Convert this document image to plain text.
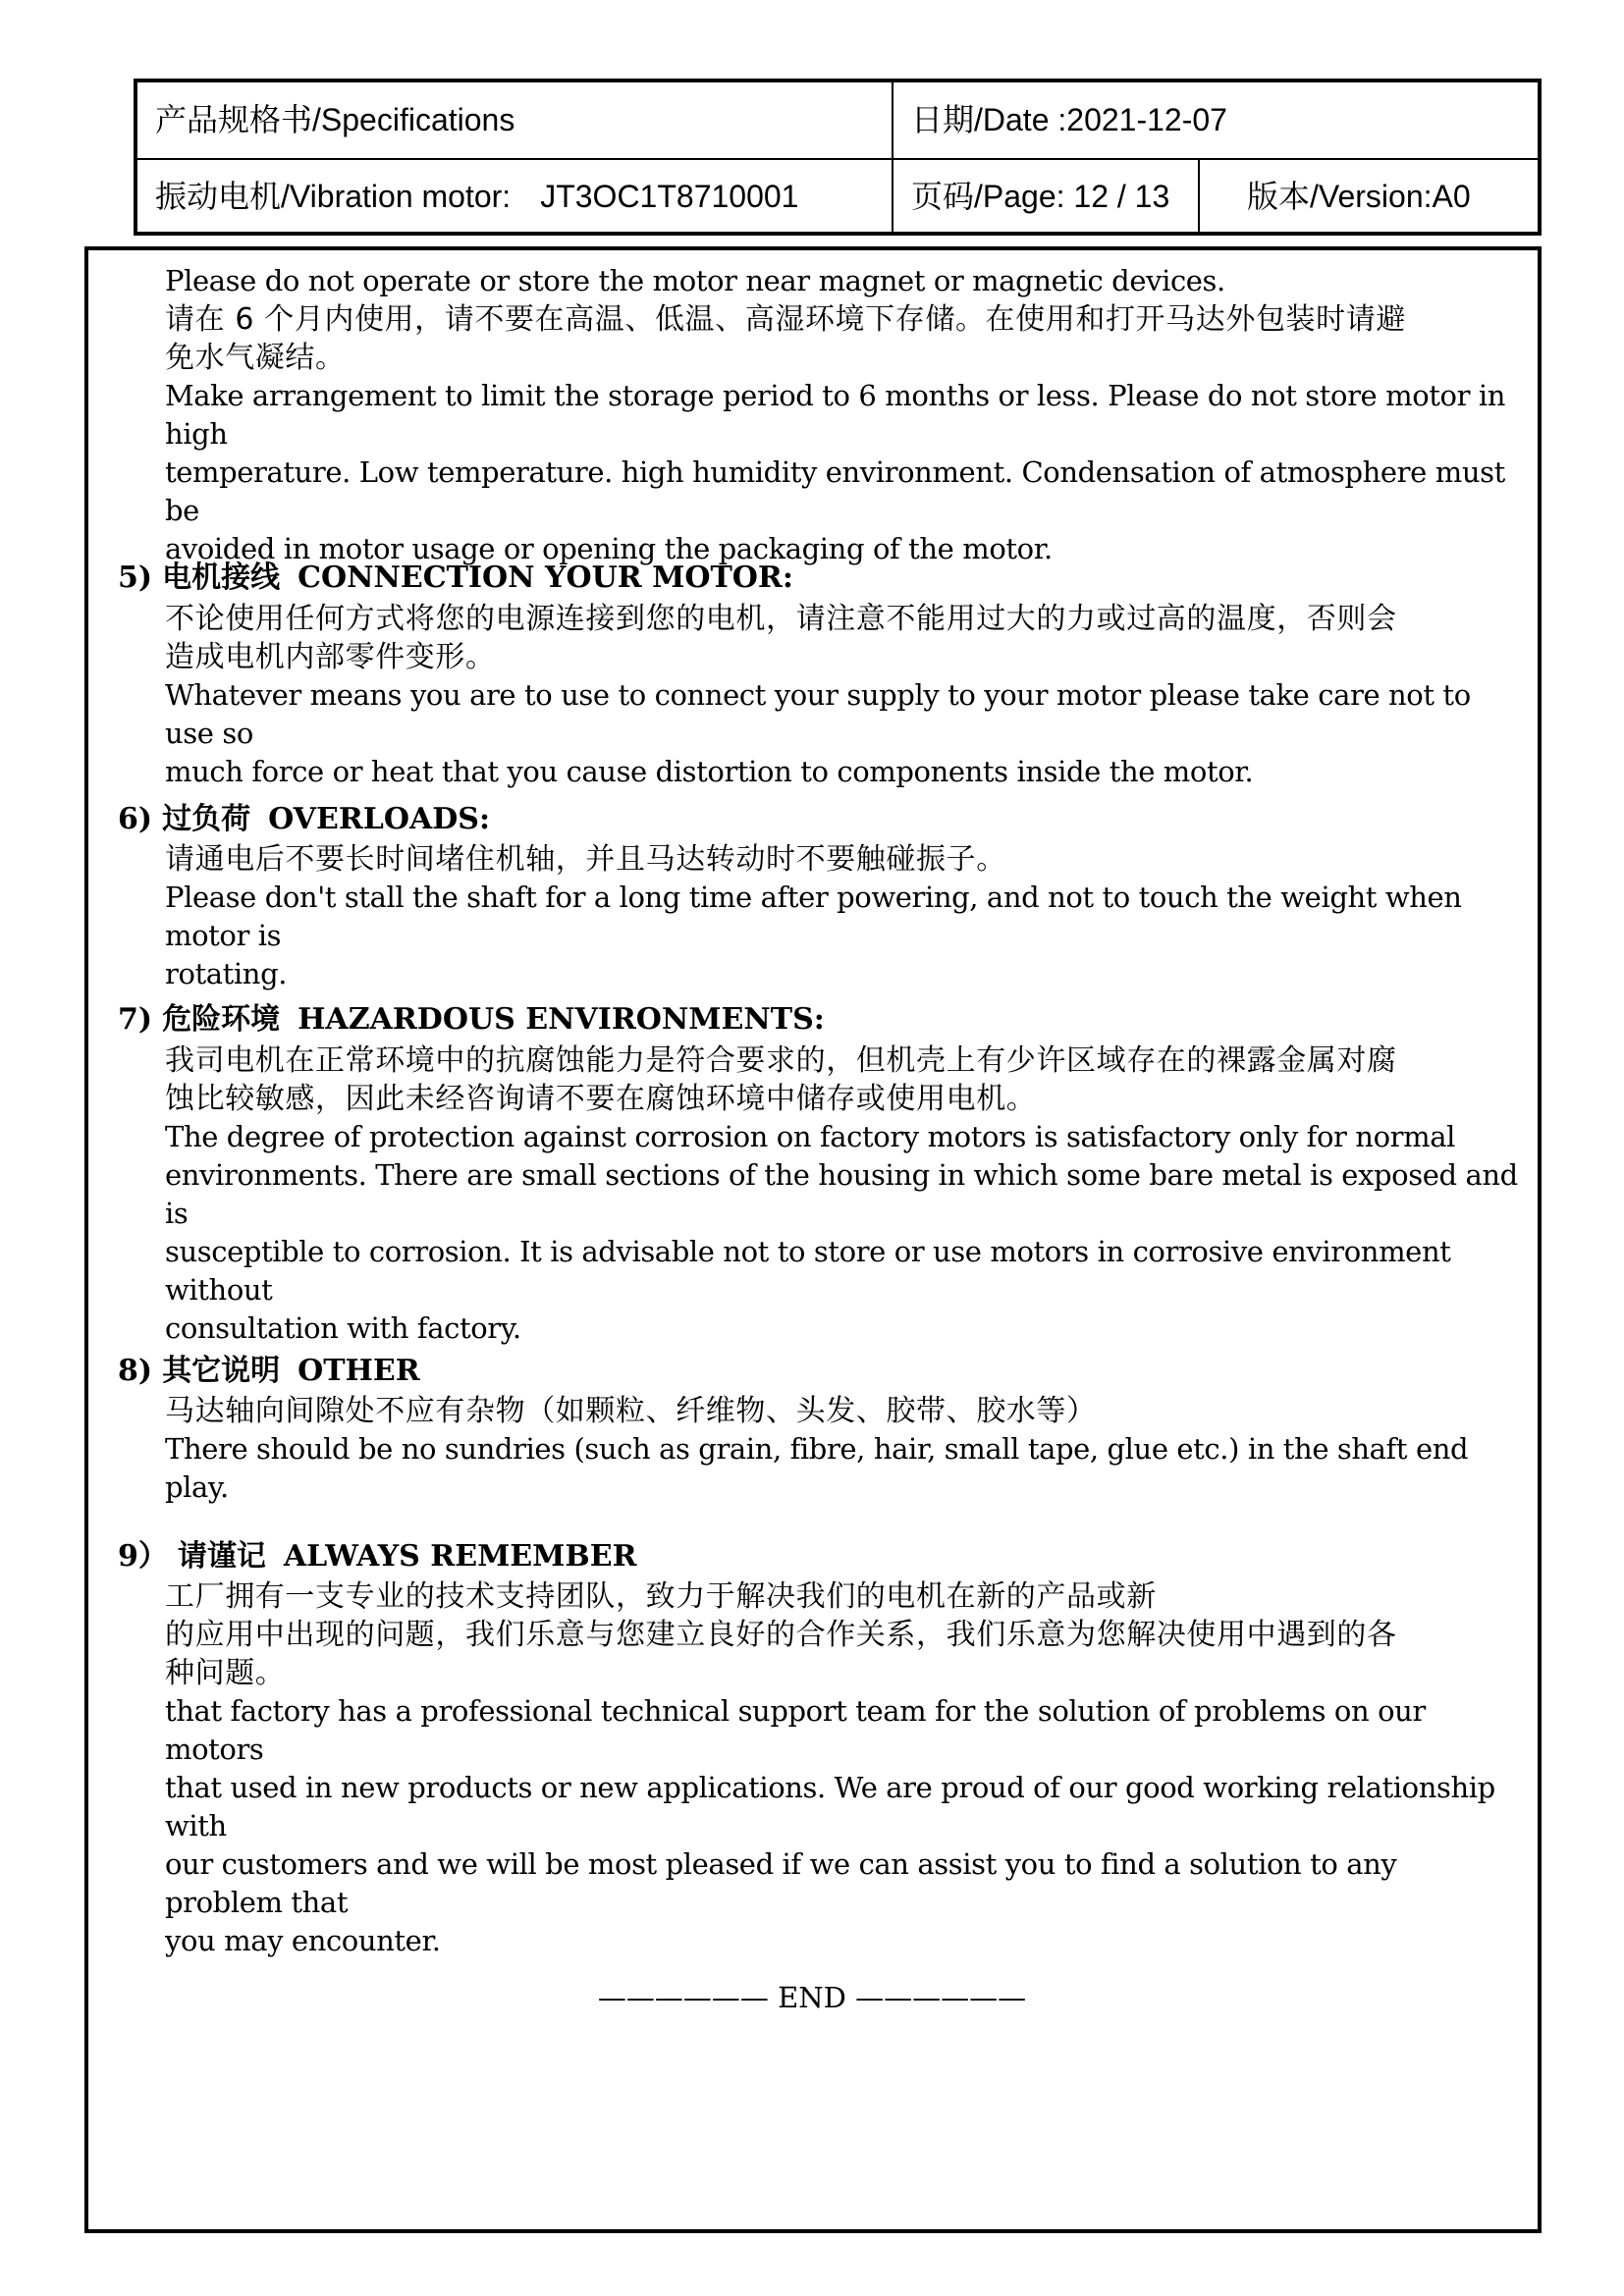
产品规格书/Specifications	日期/Date :2021-12-07
振动电机/Vibration motor: JT3OC1T8710001	页码/Page: 12 / 13 版本/Version:A0

Please do not operate or store the motor near magnet or magnetic devices.

请在 6 个月内使用，请不要在高温、低温、高湿环境下存储。在使用和打开马达外包装时请避
免水气凝结。

Make arrangement to limit the storage period to 6 months or less. Please do not store motor in high
temperature. Low temperature. high humidity environment. Condensation of atmosphere must be
avoided in motor usage or opening the packaging of the motor.

5) 电机接线 CONNECTION YOUR MOTOR:

不论使用任何方式将您的电源连接到您的电机，请注意不能用过大的力或过高的温度，否则会
造成电机内部零件变形。

Whatever means you are to use to connect your supply to your motor please take care not to use so
much force or heat that you cause distortion to components inside the motor.

6) 过负荷 OVERLOADS:

请通电后不要长时间堵住机轴，并且马达转动时不要触碰振子。

Please don't stall the shaft for a long time after powering, and not to touch the weight when motor is
rotating.

7) 危险环境 HAZARDOUS ENVIRONMENTS:

我司电机在正常环境中的抗腐蚀能力是符合要求的，但机壳上有少许区域存在的裸露金属对腐
蚀比较敏感，因此未经咨询请不要在腐蚀环境中储存或使用电机。

The degree of protection against corrosion on factory motors is satisfactory only for normal
environments. There are small sections of the housing in which some bare metal is exposed and is
susceptible to corrosion. It is advisable not to store or use motors in corrosive environment without
consultation with factory.

8) 其它说明 OTHER

马达轴向间隙处不应有杂物（如颗粒、纤维物、头发、胶带、胶水等）

There should be no sundries (such as grain, fibre, hair, small tape, glue etc.) in the shaft end play.

9） 请谨记 ALWAYS REMEMBER

工厂拥有一支专业的技术支持团队，致力于解决我们的电机在新的产品或新
的应用中出现的问题，我们乐意与您建立良好的合作关系，我们乐意为您解决使用中遇到的各
种问题。

that factory has a professional technical support team for the solution of problems on our motors
that used in new products or new applications. We are proud of our good working relationship with
our customers and we will be most pleased if we can assist you to find a solution to any problem that
you may encounter.

—————— END ——————
